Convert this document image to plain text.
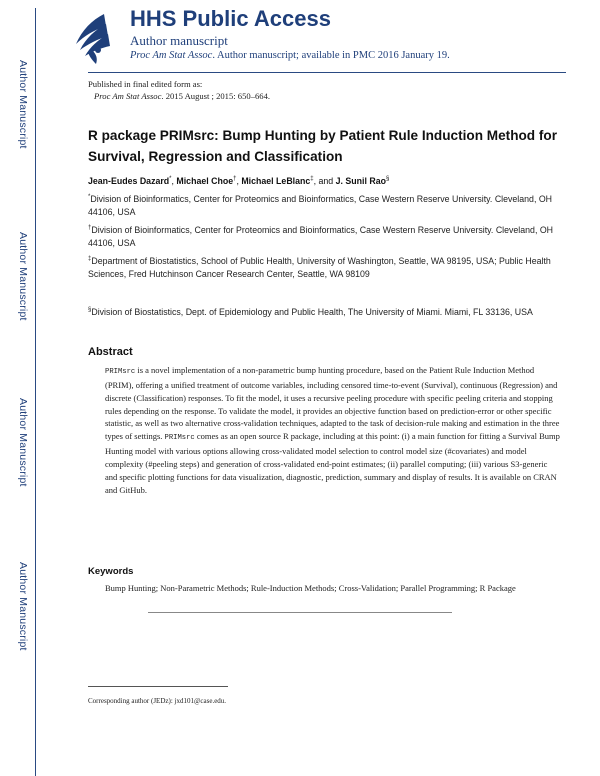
Author Manuscript
Author Manuscript
Author Manuscript
Author Manuscript
HHS Public Access
Author manuscript
Proc Am Stat Assoc. Author manuscript; available in PMC 2016 January 19.
Published in final edited form as:
Proc Am Stat Assoc. 2015 August ; 2015: 650–664.
R package PRIMsrc: Bump Hunting by Patient Rule Induction Method for Survival, Regression and Classification
Jean-Eudes Dazard*, Michael Choe†, Michael LeBlanc‡, and J. Sunil Rao§
*Division of Bioinformatics, Center for Proteomics and Bioinformatics, Case Western Reserve University. Cleveland, OH 44106, USA
†Division of Bioinformatics, Center for Proteomics and Bioinformatics, Case Western Reserve University. Cleveland, OH 44106, USA
‡Department of Biostatistics, School of Public Health, University of Washington, Seattle, WA 98195, USA; Public Health Sciences, Fred Hutchinson Cancer Research Center, Seattle, WA 98109
§Division of Biostatistics, Dept. of Epidemiology and Public Health, The University of Miami. Miami, FL 33136, USA
Abstract
PRIMsrc is a novel implementation of a non-parametric bump hunting procedure, based on the Patient Rule Induction Method (PRIM), offering a unified treatment of outcome variables, including censored time-to-event (Survival), continuous (Regression) and discrete (Classification) responses. To fit the model, it uses a recursive peeling procedure with specific peeling criteria and stopping rules depending on the response. To validate the model, it provides an objective function based on prediction-error or other specific statistic, as well as two alternative cross-validation techniques, adapted to the task of decision-rule making and estimation in the three types of settings. PRIMsrc comes as an open source R package, including at this point: (i) a main function for fitting a Survival Bump Hunting model with various options allowing cross-validated model selection to control model size (#covariates) and model complexity (#peeling steps) and generation of cross-validated end-point estimates; (ii) parallel computing; (iii) various S3-generic and specific plotting functions for data visualization, diagnostic, prediction, summary and display of results. It is available on CRAN and GitHub.
Keywords
Bump Hunting; Non-Parametric Methods; Rule-Induction Methods; Cross-Validation; Parallel Programming; R Package
Corresponding author (JEDz): jxd101@case.edu.
